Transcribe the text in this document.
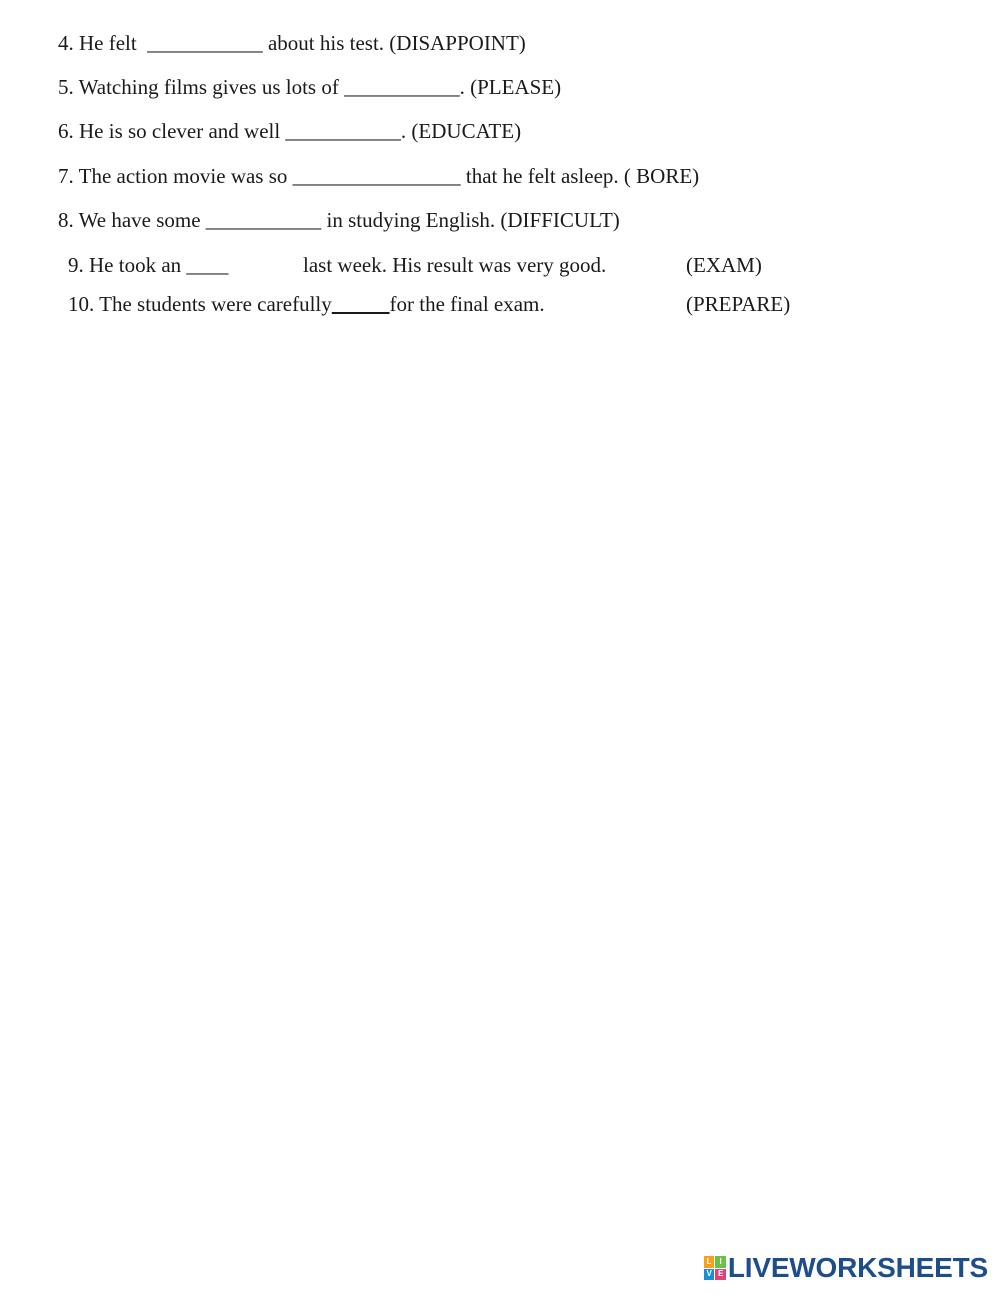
4. He felt  ___________ about his test. (DISAPPOINT)
5. Watching films gives us lots of ___________. (PLEASE)
6. He is so clever and well ___________. (EDUCATE)
7. The action movie was so ________________ that he felt asleep. ( BORE)
8. We have some ___________ in studying English. (DIFFICULT)
9. He took an ____	last week. His result was very good.	(EXAM)
10. The students were carefully	for the final exam.	(PREPARE)
L I
V E LIVEWORKSHEETS
